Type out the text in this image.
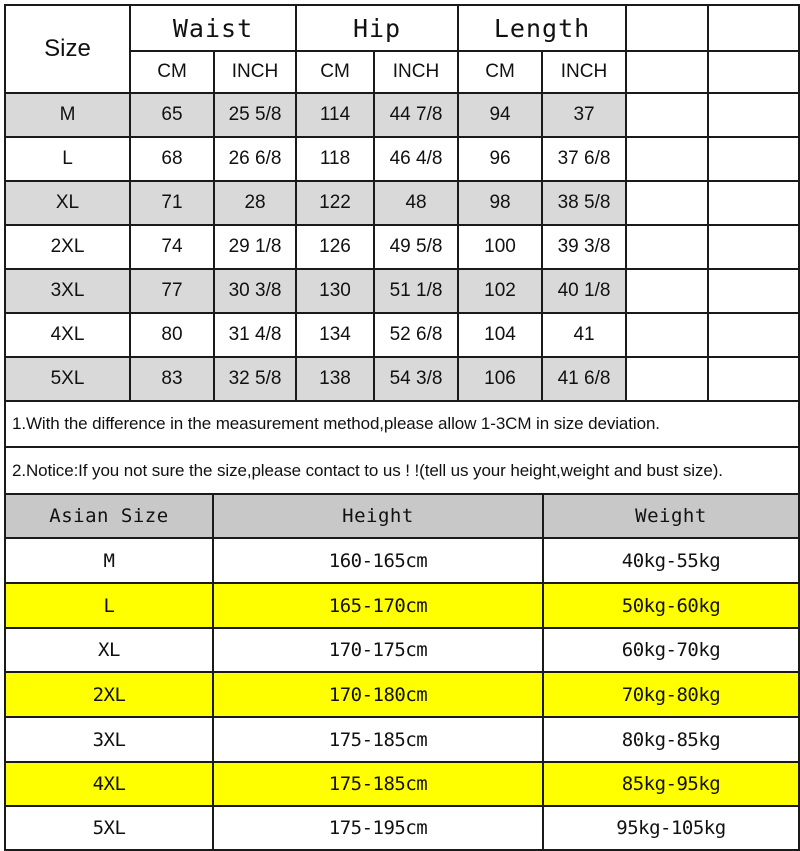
Size	Waist		Hip		Length			
	CM	INCH	CM	INCH	CM	INCH		
M	65	25 5/8	114	44 7/8	94	37		
L	68	26 6/8	118	46 4/8	96	37 6/8		
XL	71	28	122	48	98	38 5/8		
2XL	74	29 1/8	126	49 5/8	100	39 3/8		
3XL	77	30 3/8	130	51 1/8	102	40 1/8		
4XL	80	31 4/8	134	52 6/8	104	41		
5XL	83	32 5/8	138	54 3/8	106	41 6/8		
1.With the difference in the measurement method,please allow 1-3CM in size deviation.								
2.Notice:If you not sure the size,please contact to us ! !(tell us your height,weight and bust size).								
Asian Size	Height	Weight
M	160-165cm	40kg-55kg
L	165-170cm	50kg-60kg
XL	170-175cm	60kg-70kg
2XL	170-180cm	70kg-80kg
3XL	175-185cm	80kg-85kg
4XL	175-185cm	85kg-95kg
5XL	175-195cm	95kg-105kg
